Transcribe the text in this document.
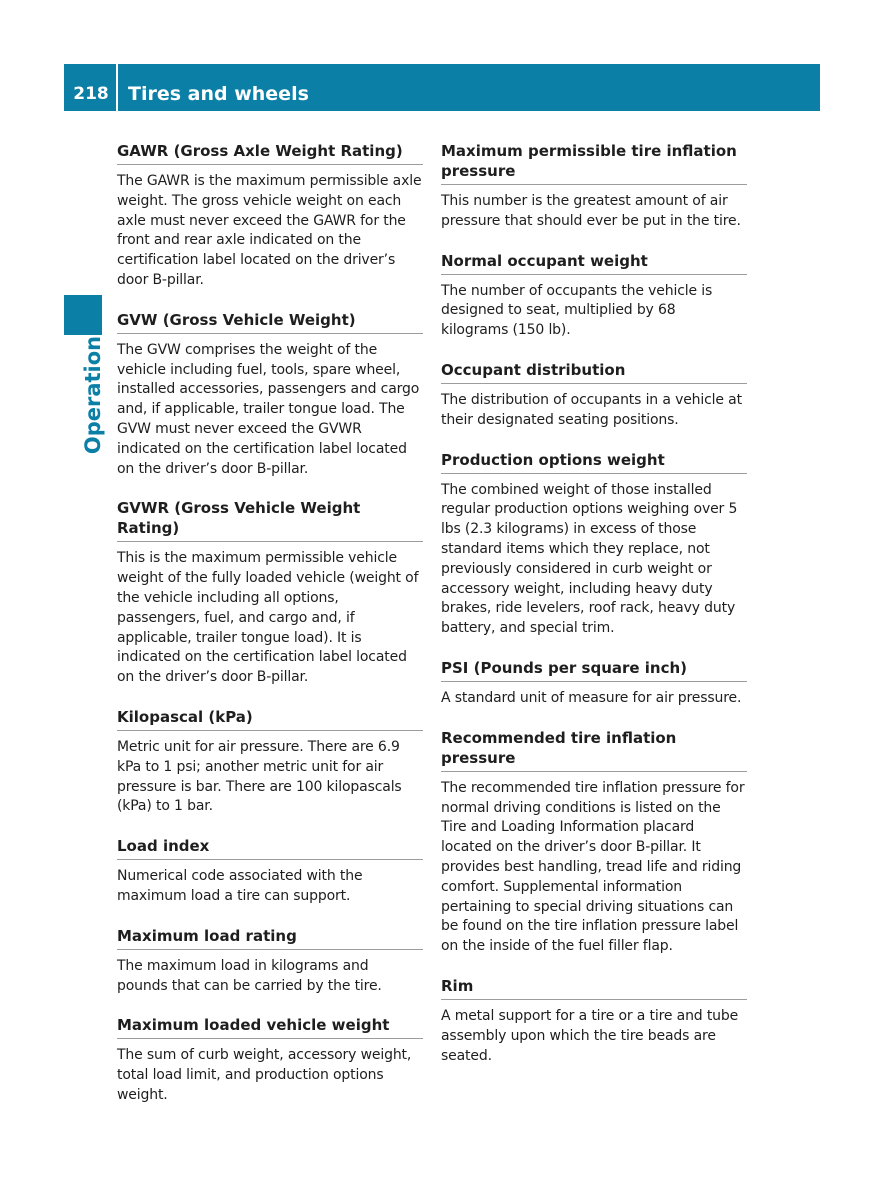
218	Tires and wheels
Operation
GAWR (Gross Axle Weight Rating)
The GAWR is the maximum permissible axle weight. The gross vehicle weight on each axle must never exceed the GAWR for the front and rear axle indicated on the certification label located on the driver’s door B-pillar.
GVW (Gross Vehicle Weight)
The GVW comprises the weight of the vehicle including fuel, tools, spare wheel, installed accessories, passengers and cargo and, if applicable, trailer tongue load. The GVW must never exceed the GVWR indicated on the certification label located on the driver’s door B-pillar.
GVWR (Gross Vehicle Weight Rating)
This is the maximum permissible vehicle weight of the fully loaded vehicle (weight of the vehicle including all options, passengers, fuel, and cargo and, if applicable, trailer tongue load). It is indicated on the certification label located on the driver’s door B-pillar.
Kilopascal (kPa)
Metric unit for air pressure. There are 6.9 kPa to 1 psi; another metric unit for air pressure is bar. There are 100 kilopascals (kPa) to 1 bar.
Load index
Numerical code associated with the maximum load a tire can support.
Maximum load rating
The maximum load in kilograms and pounds that can be carried by the tire.
Maximum loaded vehicle weight
The sum of curb weight, accessory weight, total load limit, and production options weight.
Maximum permissible tire inflation pressure
This number is the greatest amount of air pressure that should ever be put in the tire.
Normal occupant weight
The number of occupants the vehicle is designed to seat, multiplied by 68 kilograms (150 lb).
Occupant distribution
The distribution of occupants in a vehicle at their designated seating positions.
Production options weight
The combined weight of those installed regular production options weighing over 5 lbs (2.3 kilograms) in excess of those standard items which they replace, not previously considered in curb weight or accessory weight, including heavy duty brakes, ride levelers, roof rack, heavy duty battery, and special trim.
PSI (Pounds per square inch)
A standard unit of measure for air pressure.
Recommended tire inflation pressure
The recommended tire inflation pressure for normal driving conditions is listed on the Tire and Loading Information placard located on the driver’s door B-pillar. It provides best handling, tread life and riding comfort. Supplemental information pertaining to special driving situations can be found on the tire inflation pressure label on the inside of the fuel filler flap.
Rim
A metal support for a tire or a tire and tube assembly upon which the tire beads are seated.
